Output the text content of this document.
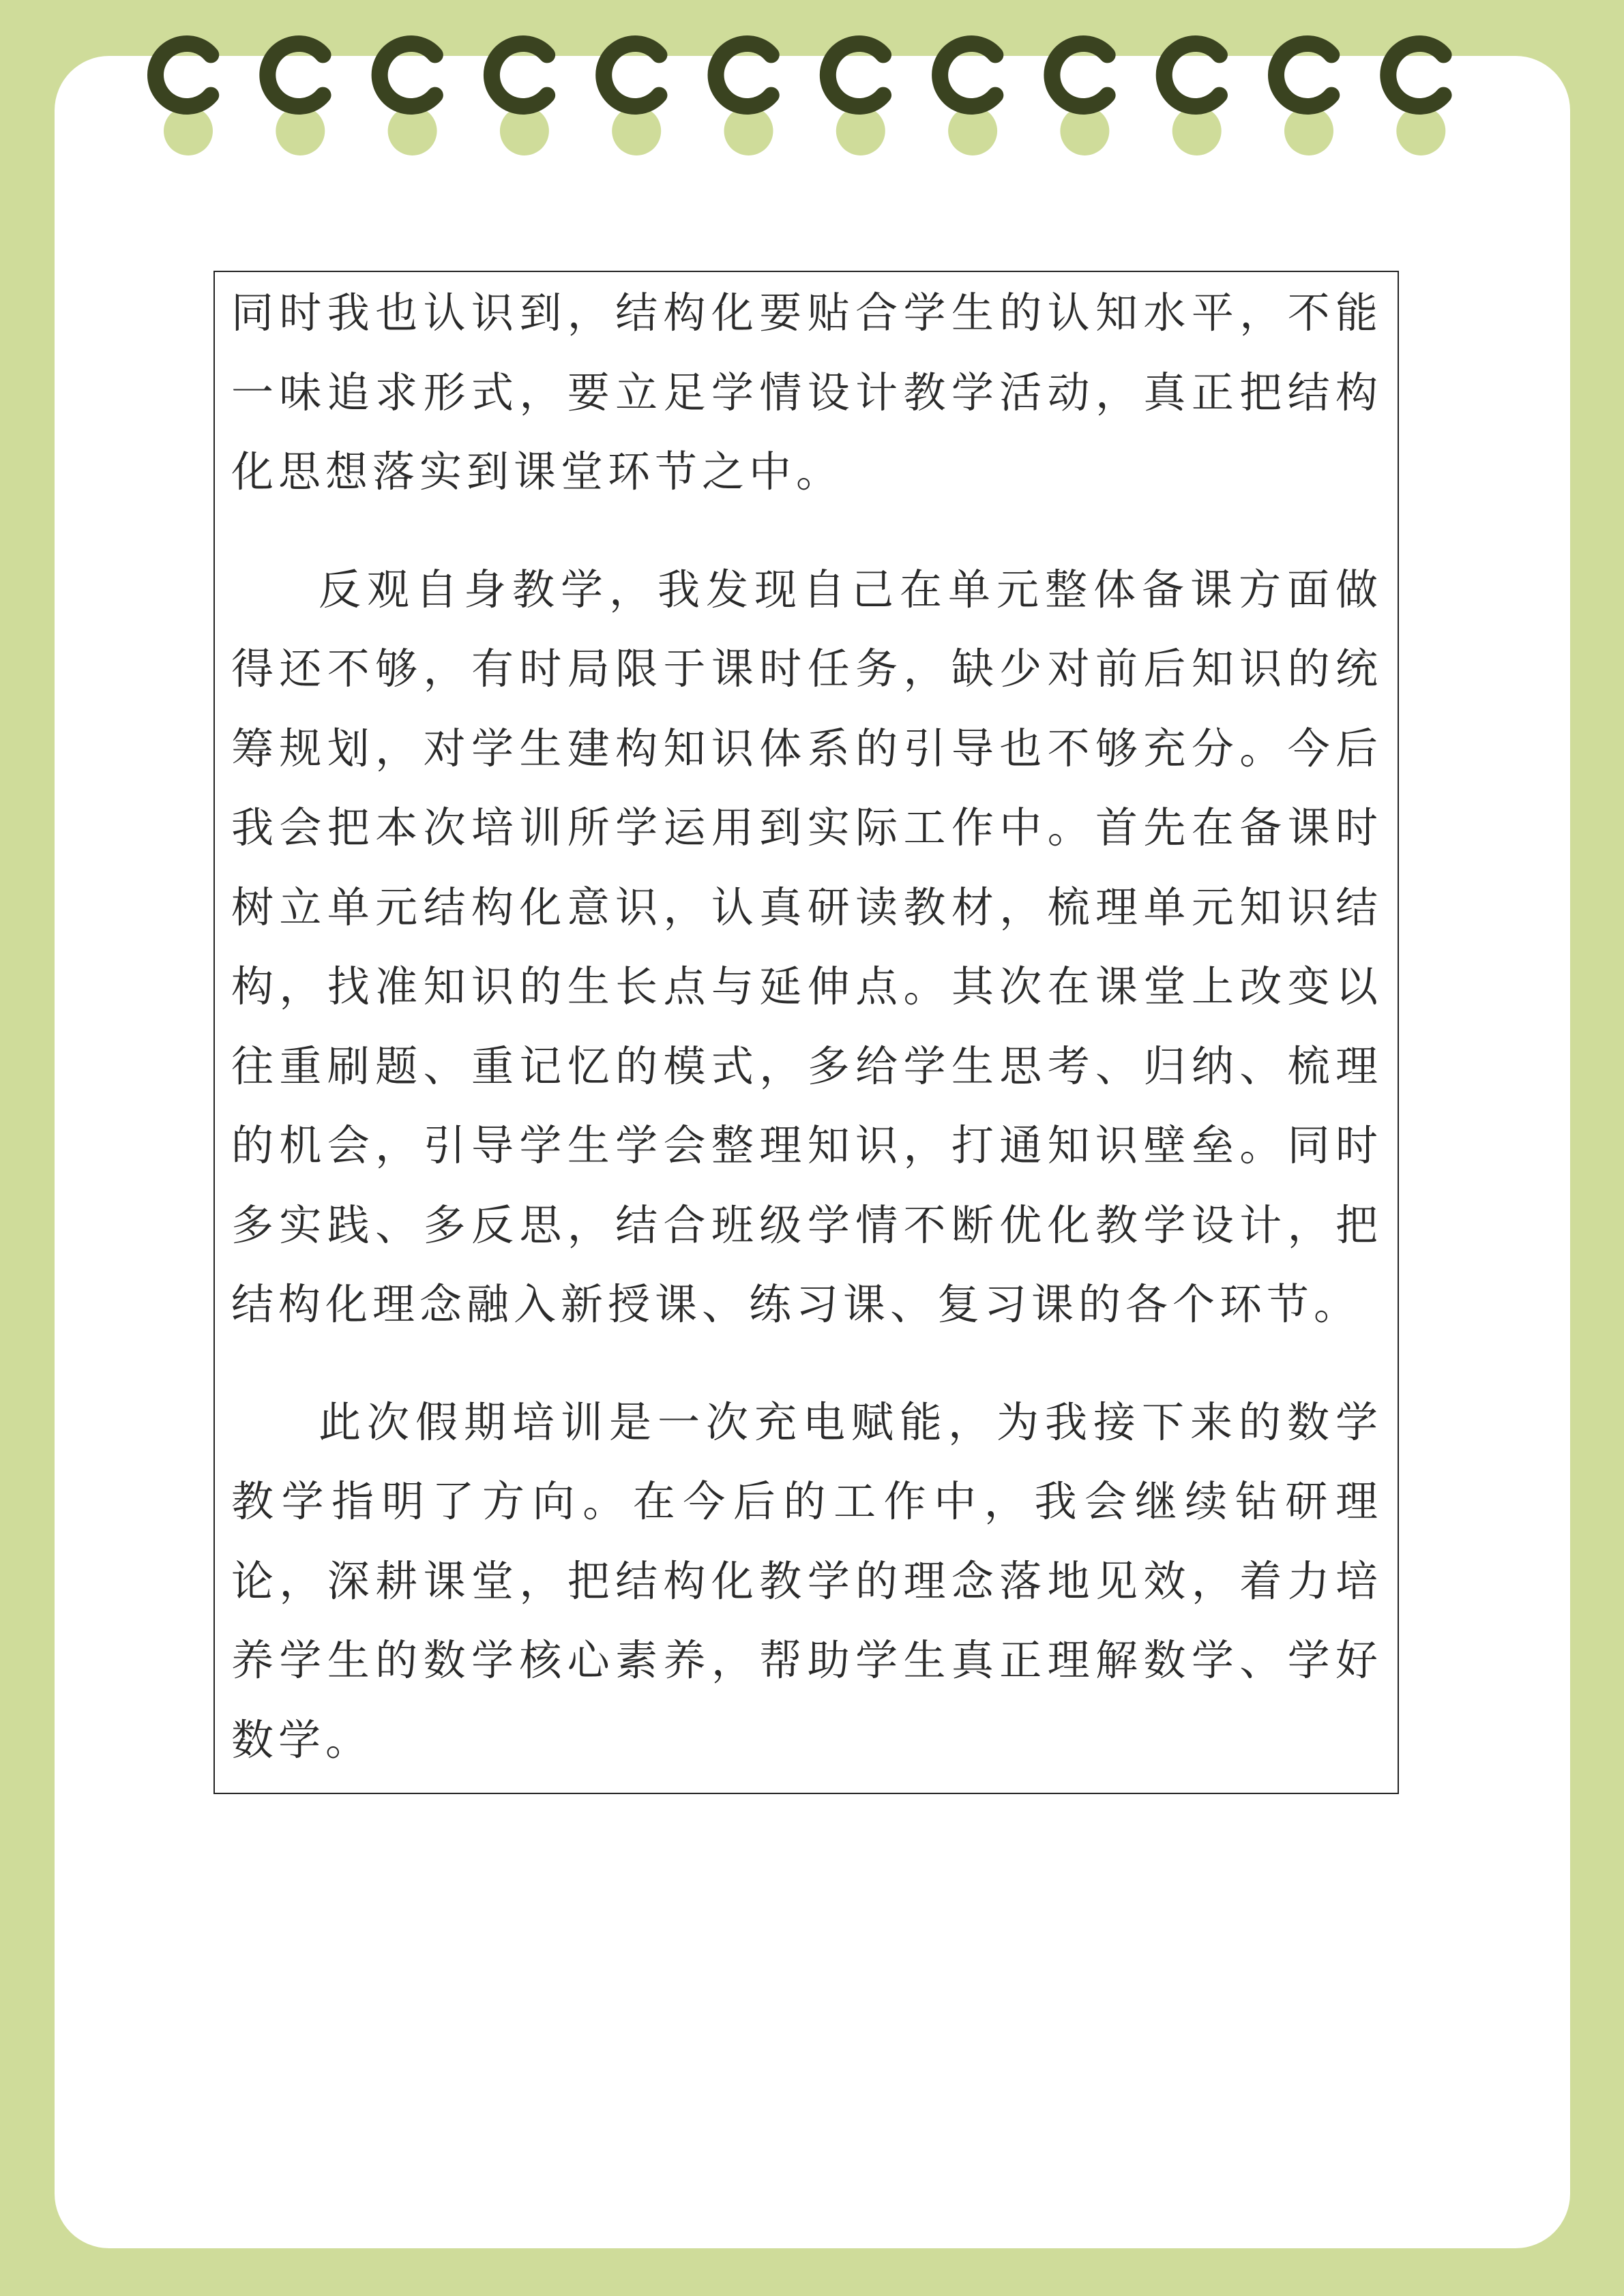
同时我也认识到，结构化要贴合学生的认知水平，不能一味追求形式，要立足学情设计教学活动，真正把结构化思想落实到课堂环节之中。

反观自身教学，我发现自己在单元整体备课方面做得还不够，有时局限于课时任务，缺少对前后知识的统筹规划，对学生建构知识体系的引导也不够充分。今后我会把本次培训所学运用到实际工作中。首先在备课时树立单元结构化意识，认真研读教材，梳理单元知识结构，找准知识的生长点与延伸点。其次在课堂上改变以往重刷题、重记忆的模式，多给学生思考、归纳、梳理的机会，引导学生学会整理知识，打通知识壁垒。同时多实践、多反思，结合班级学情不断优化教学设计，把结构化理念融入新授课、练习课、复习课的各个环节。

此次假期培训是一次充电赋能，为我接下来的数学教学指明了方向。在今后的工作中，我会继续钻研理论，深耕课堂，把结构化教学的理念落地见效，着力培养学生的数学核心素养，帮助学生真正理解数学、学好数学。
